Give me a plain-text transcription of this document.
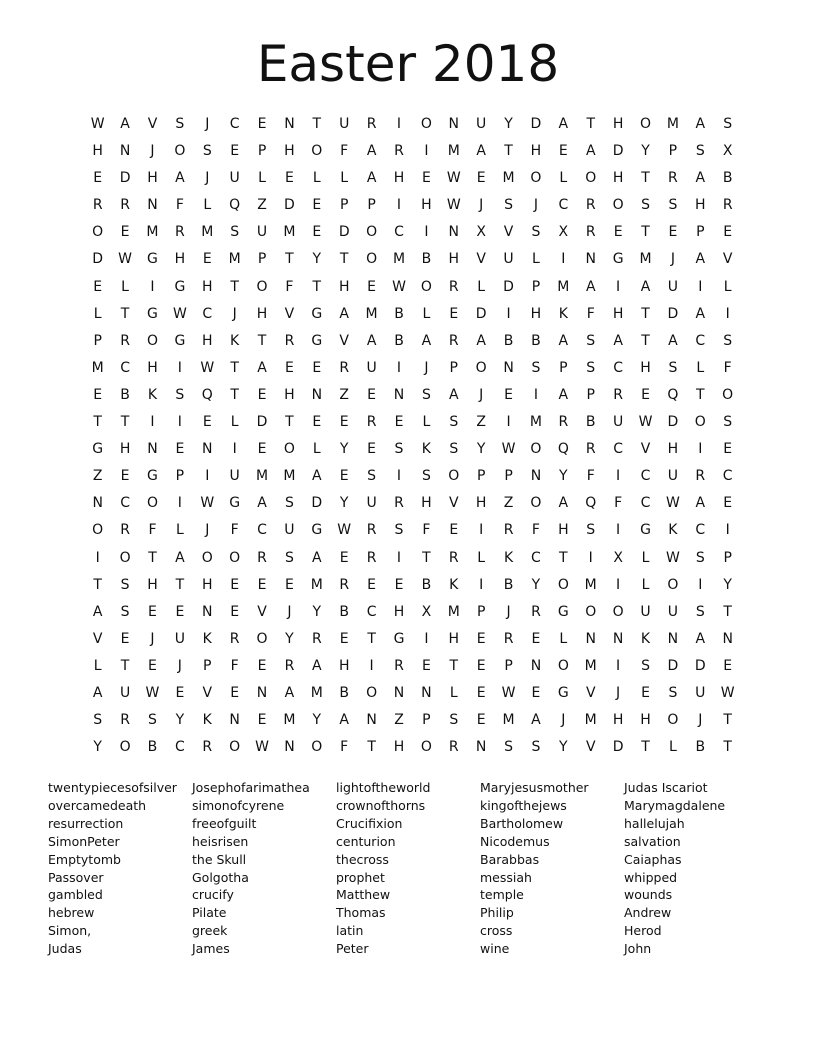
Easter 2018
W	A	V	S	J	C	E	N	T	U	R	I	O	N	U	Y	D	A	T	H	O	M	A	S
H	N	J	O	S	E	P	H	O	F	A	R	I	M	A	T	H	E	A	D	Y	P	S	X
E	D	H	A	J	U	L	E	L	L	A	H	E	W	E	M	O	L	O	H	T	R	A	B
R	R	N	F	L	Q	Z	D	E	P	P	I	H	W	J	S	J	C	R	O	S	S	H	R
O	E	M	R	M	S	U	M	E	D	O	C	I	N	X	V	S	X	R	E	T	E	P	E
D	W	G	H	E	M	P	T	Y	T	O	M	B	H	V	U	L	I	N	G	M	J	A	V
E	L	I	G	H	T	O	F	T	H	E	W	O	R	L	D	P	M	A	I	A	U	I	L
L	T	G	W	C	J	H	V	G	A	M	B	L	E	D	I	H	K	F	H	T	D	A	I
P	R	O	G	H	K	T	R	G	V	A	B	A	R	A	B	B	A	S	A	T	A	C	S
M	C	H	I	W	T	A	E	E	R	U	I	J	P	O	N	S	P	S	C	H	S	L	F
E	B	K	S	Q	T	E	H	N	Z	E	N	S	A	J	E	I	A	P	R	E	Q	T	O
T	T	I	I	E	L	D	T	E	E	R	E	L	S	Z	I	M	R	B	U	W	D	O	S
G	H	N	E	N	I	E	O	L	Y	E	S	K	S	Y	W	O	Q	R	C	V	H	I	E
Z	E	G	P	I	U	M	M	A	E	S	I	S	O	P	P	N	Y	F	I	C	U	R	C
N	C	O	I	W	G	A	S	D	Y	U	R	H	V	H	Z	O	A	Q	F	C	W	A	E
O	R	F	L	J	F	C	U	G	W	R	S	F	E	I	R	F	H	S	I	G	K	C	I
I	O	T	A	O	O	R	S	A	E	R	I	T	R	L	K	C	T	I	X	L	W	S	P
T	S	H	T	H	E	E	E	M	R	E	E	B	K	I	B	Y	O	M	I	L	O	I	Y
A	S	E	E	N	E	V	J	Y	B	C	H	X	M	P	J	R	G	O	O	U	U	S	T
V	E	J	U	K	R	O	Y	R	E	T	G	I	H	E	R	E	L	N	N	K	N	A	N
L	T	E	J	P	F	E	R	A	H	I	R	E	T	E	P	N	O	M	I	S	D	D	E
A	U	W	E	V	E	N	A	M	B	O	N	N	L	E	W	E	G	V	J	E	S	U	W
S	R	S	Y	K	N	E	M	Y	A	N	Z	P	S	E	M	A	J	M	H	H	O	J	T
Y	O	B	C	R	O	W	N	O	F	T	H	O	R	N	S	S	Y	V	D	T	L	B	T
twentypiecesofsilver
overcamedeath
resurrection
SimonPeter
Emptytomb
Passover
gambled
hebrew
Simon,
Judas
Josephofarimathea
simonofcyrene
freeofguilt
heisrisen
the Skull
Golgotha
crucify
Pilate
greek
James
lightoftheworld
crownofthorns
Crucifixion
centurion
thecross
prophet
Matthew
Thomas
latin
Peter
Maryjesusmother
kingofthejews
Bartholomew
Nicodemus
Barabbas
messiah
temple
Philip
cross
wine
Judas Iscariot
Marymagdalene
hallelujah
salvation
Caiaphas
whipped
wounds
Andrew
Herod
John
